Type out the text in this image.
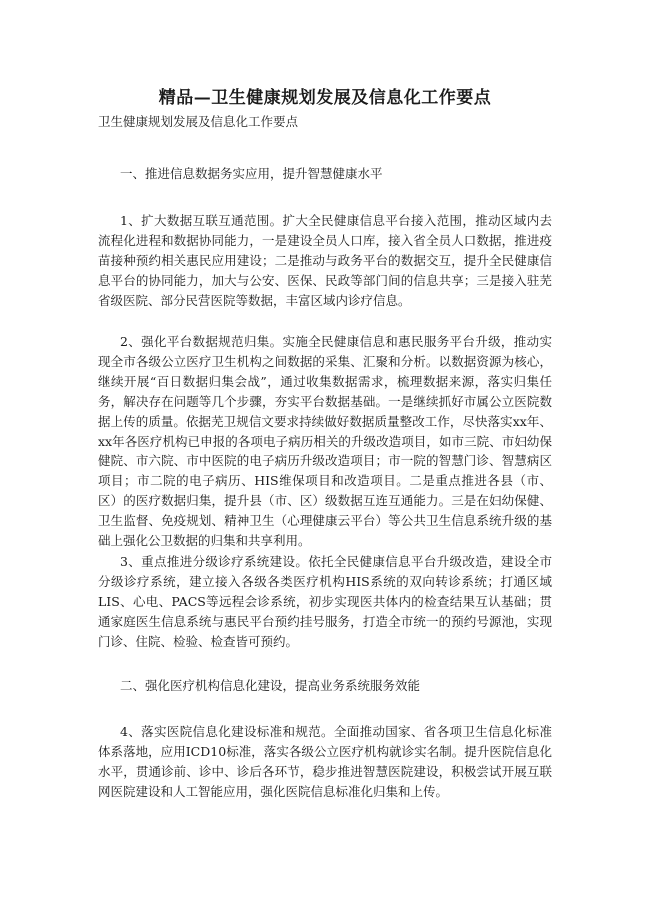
精品—卫生健康规划发展及信息化工作要点
卫生健康规划发展及信息化工作要点
一、推进信息数据务实应用，提升智慧健康水平

1、扩大数据互联互通范围。扩大全民健康信息平台接入范围，推动区域内去流程化进程和数据协同能力，一是建设全员人口库，接入省全员人口数据，推进疫苗接种预约相关惠民应用建设；二是推动与政务平台的数据交互，提升全民健康信息平台的协同能力，加大与公安、医保、民政等部门间的信息共享；三是接入驻芜省级医院、部分民营医院等数据，丰富区域内诊疗信息。

2、强化平台数据规范归集。实施全民健康信息和惠民服务平台升级，推动实现全市各级公立医疗卫生机构之间数据的采集、汇聚和分析。以数据资源为核心，继续开展“百日数据归集会战”，通过收集数据需求，梳理数据来源，落实归集任务，解决存在问题等几个步骤，夯实平台数据基础。一是继续抓好市属公立医院数据上传的质量。依据芜卫规信文要求持续做好数据质量整改工作，尽快落实xx年、xx年各医疗机构已申报的各项电子病历相关的升级改造项目，如市三院、市妇幼保健院、市六院、市中医院的电子病历升级改造项目；市一院的智慧门诊、智慧病区项目；市二院的电子病历、HIS维保项目和改造项目。二是重点推进各县（市、区）的医疗数据归集，提升县（市、区）级数据互连互通能力。三是在妇幼保健、卫生监督、免疫规划、精神卫生（心理健康云平台）等公共卫生信息系统升级的基础上强化公卫数据的归集和共享利用。

3、重点推进分级诊疗系统建设。依托全民健康信息平台升级改造，建设全市分级诊疗系统，建立接入各级各类医疗机构HIS系统的双向转诊系统；打通区域LIS、心电、PACS等远程会诊系统，初步实现医共体内的检查结果互认基础；贯通家庭医生信息系统与惠民平台预约挂号服务，打造全市统一的预约号源池，实现门诊、住院、检验、检查皆可预约。

二、强化医疗机构信息化建设，提高业务系统服务效能

4、落实医院信息化建设标准和规范。全面推动国家、省各项卫生信息化标准体系落地，应用ICD10标准，落实各级公立医疗机构就诊实名制。提升医院信息化水平，贯通诊前、诊中、诊后各环节，稳步推进智慧医院建设，积极尝试开展互联网医院建设和人工智能应用，强化医院信息标准化归集和上传。
